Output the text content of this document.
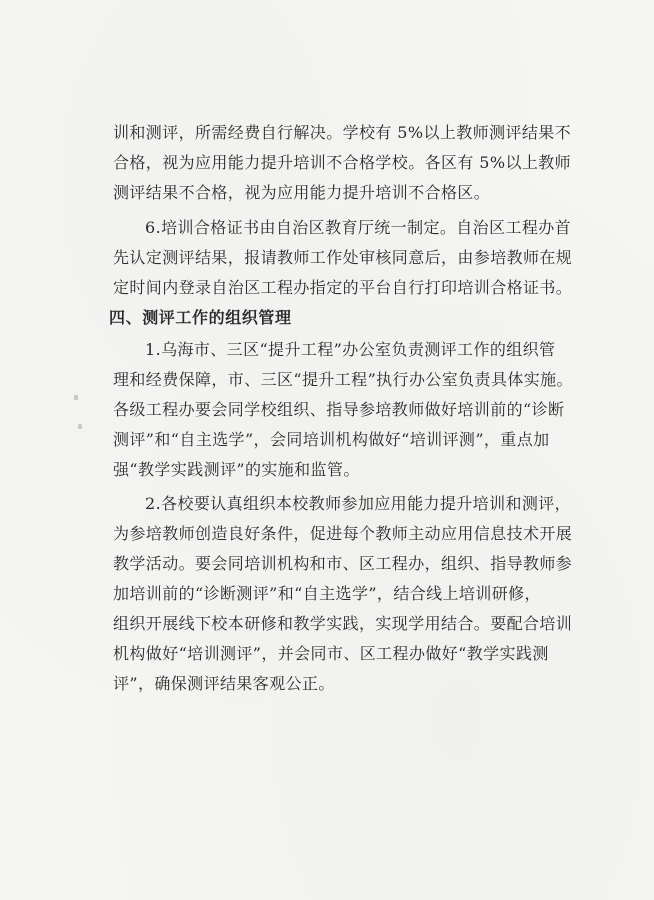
训和测评，所需经费自行解决。学校有 5%以上教师测评结果不
合格，视为应用能力提升培训不合格学校。各区有 5%以上教师
测评结果不合格，视为应用能力提升培训不合格区。
6.培训合格证书由自治区教育厅统一制定。自治区工程办首
先认定测评结果，报请教师工作处审核同意后，由参培教师在规
定时间内登录自治区工程办指定的平台自行打印培训合格证书。
四、测评工作的组织管理
1.乌海市、三区“提升工程”办公室负责测评工作的组织管
理和经费保障，市、三区“提升工程”执行办公室负责具体实施。
各级工程办要会同学校组织、指导参培教师做好培训前的“诊断
测评”和“自主选学”，会同培训机构做好“培训评测”，重点加
强“教学实践测评”的实施和监管。
2.各校要认真组织本校教师参加应用能力提升培训和测评，
为参培教师创造良好条件，促进每个教师主动应用信息技术开展
教学活动。要会同培训机构和市、区工程办，组织、指导教师参
加培训前的“诊断测评”和“自主选学”，结合线上培训研修，
组织开展线下校本研修和教学实践，实现学用结合。要配合培训
机构做好“培训测评”，并会同市、区工程办做好“教学实践测
评”，确保测评结果客观公正。
